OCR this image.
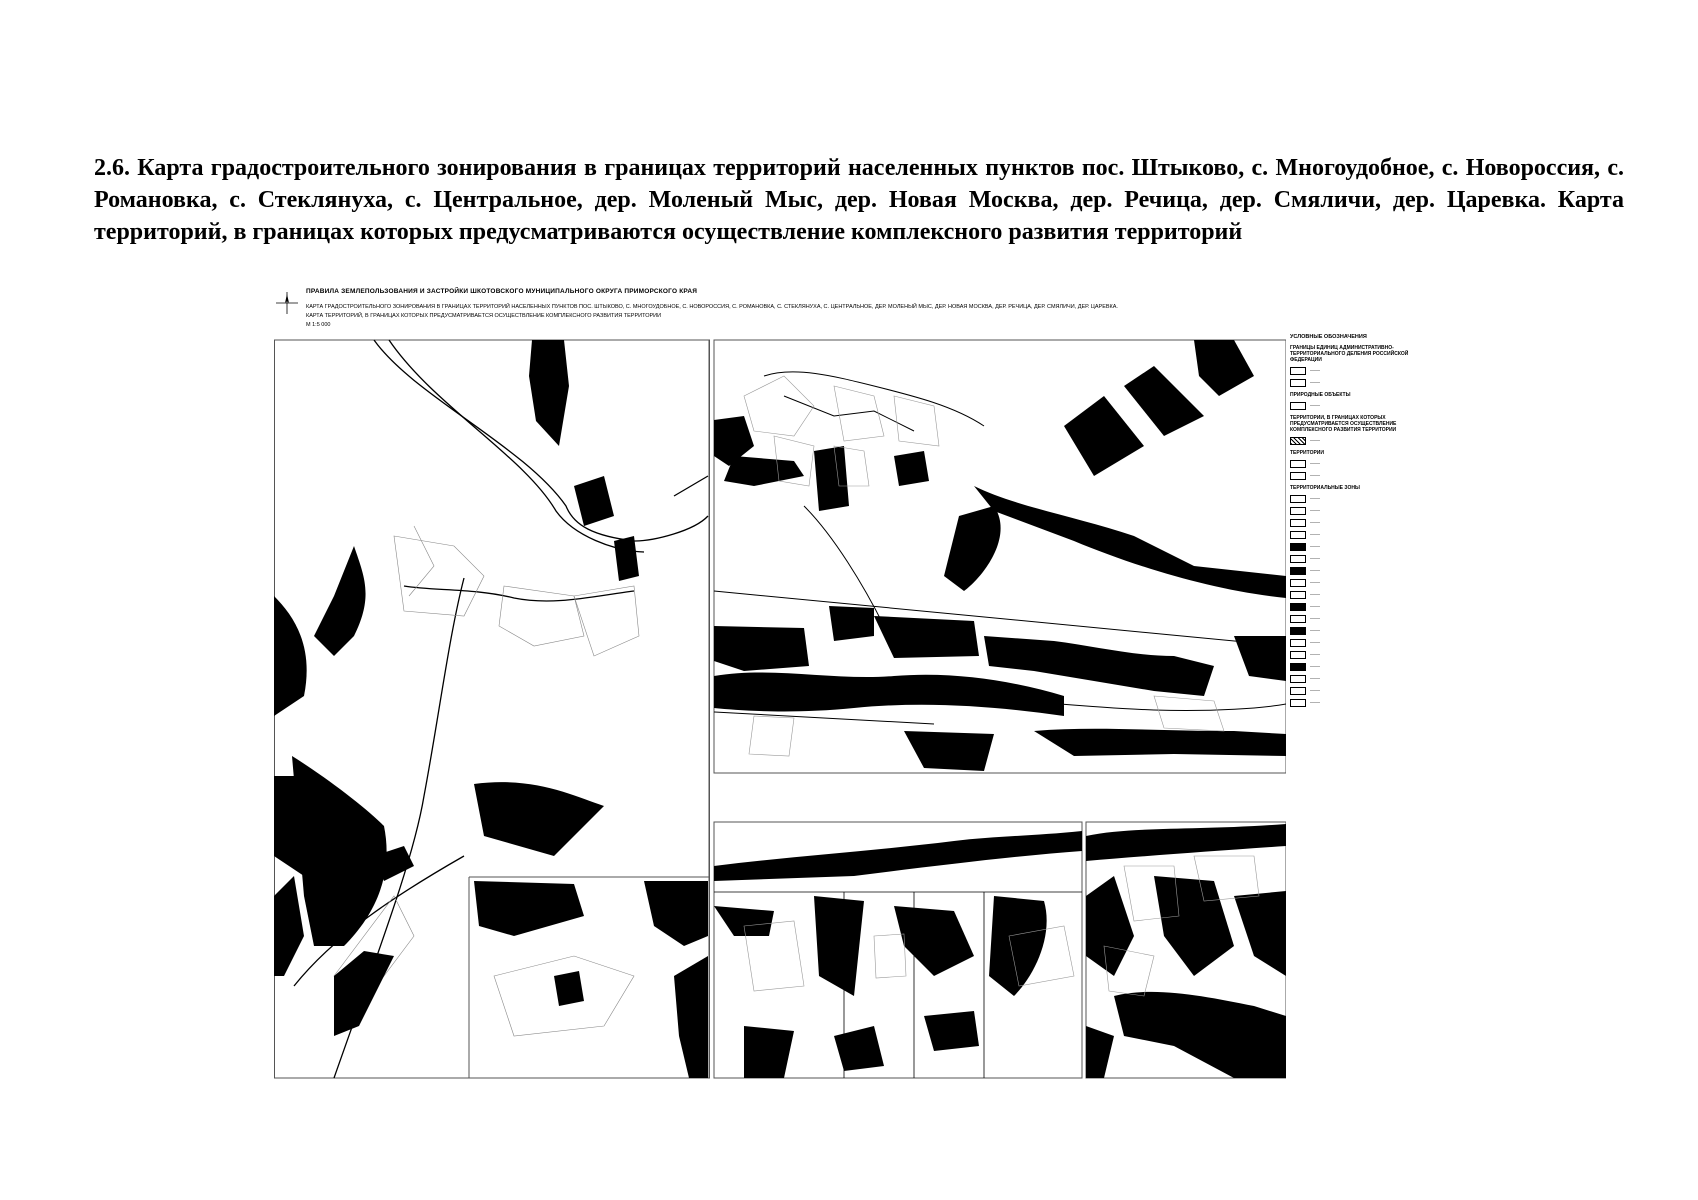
2.6. Карта градостроительного зонирования в границах территорий населенных пунктов пос. Штыково, с. Многоудобное, с. Новороссия, с. Романовка, с. Стеклянуха, с. Центральное, дер. Моленый Мыс, дер. Новая Москва, дер. Речица, дер. Смяличи, дер. Царевка. Карта территорий, в границах которых предусматриваются осуществление комплексного развития территорий

ПРАВИЛА ЗЕМЛЕПОЛЬЗОВАНИЯ И ЗАСТРОЙКИ ШКОТОВСКОГО МУНИЦИПАЛЬНОГО ОКРУГА ПРИМОРСКОГО КРАЯ
КАРТА ГРАДОСТРОИТЕЛЬНОГО ЗОНИРОВАНИЯ В ГРАНИЦАХ ТЕРРИТОРИЙ НАСЕЛЕННЫХ ПУНКТОВ ПОС. ШТЫКОВО, С. МНОГОУДОБНОЕ, С. НОВОРОССИЯ, С. РОМАНОВКА, С. СТЕКЛЯНУХА, С. ЦЕНТРАЛЬНОЕ, ДЕР. МОЛЕНЫЙ МЫС, ДЕР. НОВАЯ МОСКВА, ДЕР. РЕЧИЦА, ДЕР. СМЯЛИЧИ, ДЕР. ЦАРЕВКА.
КАРТА ТЕРРИТОРИЙ, В ГРАНИЦАХ КОТОРЫХ ПРЕДУСМАТРИВАЕТСЯ ОСУЩЕСТВЛЕНИЕ КОМПЛЕКСНОГО РАЗВИТИЯ ТЕРРИТОРИИ
М 1:5 000
УСЛОВНЫЕ ОБОЗНАЧЕНИЯ
ГРАНИЦЫ ЕДИНИЦ АДМИНИСТРАТИВНО-ТЕРРИТОРИАЛЬНОГО ДЕЛЕНИЯ РОССИЙСКОЙ ФЕДЕРАЦИИ
——
——
ПРИРОДНЫЕ ОБЪЕКТЫ
——
ТЕРРИТОРИИ, В ГРАНИЦАХ КОТОРЫХ ПРЕДУСМАТРИВАЕТСЯ ОСУЩЕСТВЛЕНИЕ КОМПЛЕКСНОГО РАЗВИТИЯ ТЕРРИТОРИИ
——
ТЕРРИТОРИИ
——
——
ТЕРРИТОРИАЛЬНЫЕ ЗОНЫ
——
——
——
——
——
——
——
——
——
——
——
——
——
——
——
——
——
——
